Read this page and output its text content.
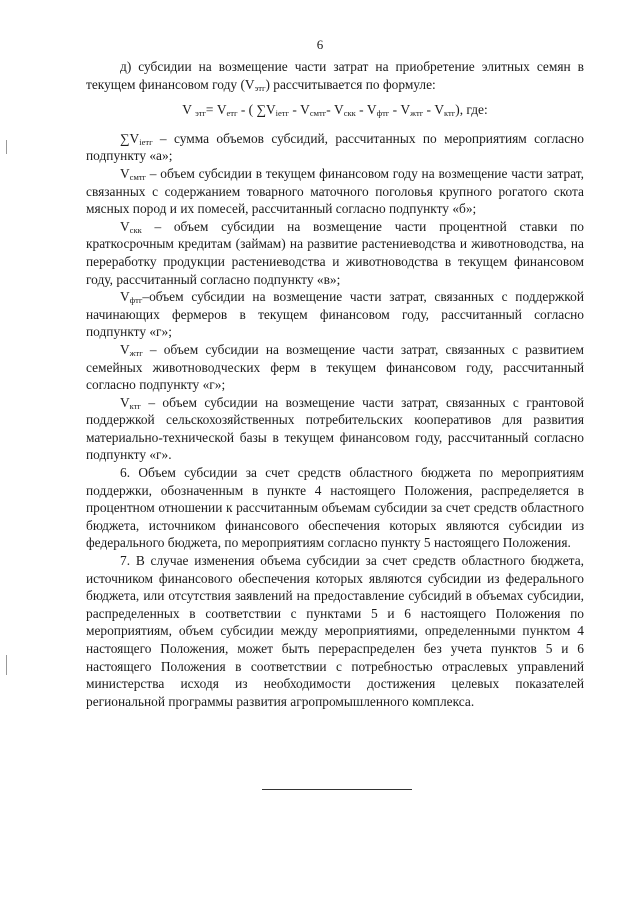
6

д) субсидии на возмещение части затрат на приобретение элитных семян в текущем финансовом году $(V_{этг})$ рассчитывается по формуле:

V $_{этг}= V_{етг}$ - ( $\sum V_{iетг} - V_{смтг}-$ $V_{скк} - V_{фтг} - V_{жтг} - V_{ктг}$), где:

$\sum V_{iетг}$ – сумма объемов субсидий, рассчитанных по мероприятиям согласно подпункту «а»;

$V_{смтг}$ – объем субсидии в текущем финансовом году на возмещение части затрат, связанных с содержанием товарного маточного поголовья крупного рогатого скота мясных пород и их помесей, рассчитанный согласно подпункту «б»;

$V_{скк}$ – объем субсидии на возмещение части процентной ставки по краткосрочным кредитам (займам) на развитие растениеводства и животноводства, на переработку продукции растениеводства и животноводства в текущем финансовом году, рассчитанный согласно подпункту «в»;

$V_{фтг}$–объем субсидии на возмещение части затрат, связанных с поддержкой начинающих фермеров в текущем финансовом году, рассчитанный согласно подпункту «г»;

$V_{жтг}$ – объем субсидии на возмещение части затрат, связанных с развитием семейных животноводческих ферм в текущем финансовом году, рассчитанный согласно подпункту «г»;

$V_{ктг}$ – объем субсидии на возмещение части затрат, связанных с грантовой поддержкой сельскохозяйственных потребительских кооперативов для развития материально-технической базы в текущем финансовом году, рассчитанный согласно подпункту «г».

6. Объем субсидии за счет средств областного бюджета по мероприятиям поддержки, обозначенным в пункте 4 настоящего Положения, распределяется в процентном отношении к рассчитанным объемам субсидии за счет средств областного бюджета, источником финансового обеспечения которых являются субсидии из федерального бюджета, по мероприятиям согласно пункту 5 настоящего Положения.

7. В случае изменения объема субсидии за счет средств областного бюджета, источником финансового обеспечения которых являются субсидии из федерального бюджета, или отсутствия заявлений на предоставление субсидий в объемах субсидии, распределенных в соответствии с пунктами 5 и 6 настоящего Положения по мероприятиям, объем субсидии между мероприятиями, определенными пунктом 4 настоящего Положения, может быть перераспределен без учета пунктов 5 и 6 настоящего Положения в соответствии с потребностью отраслевых управлений министерства исходя из необходимости достижения целевых показателей региональной программы развития агропромышленного комплекса.
